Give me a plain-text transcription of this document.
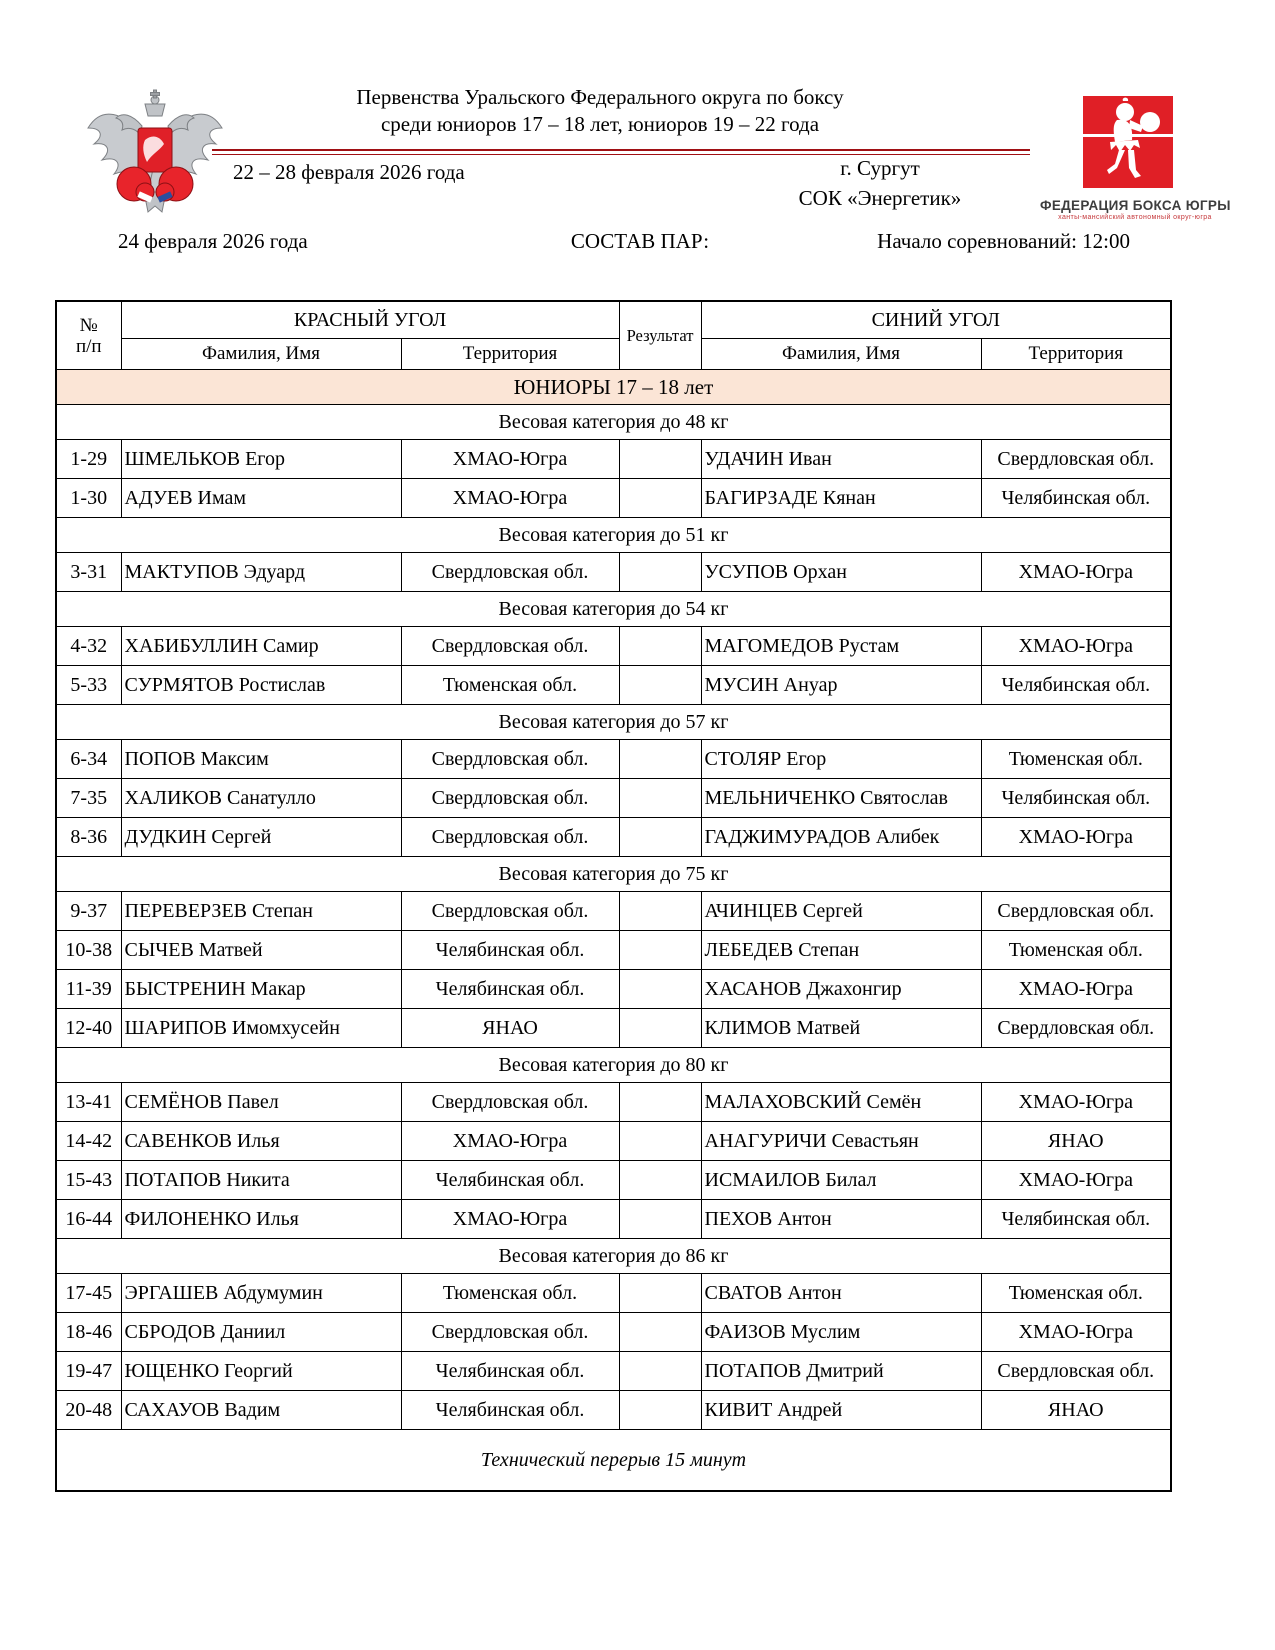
Первенства Уральского Федерального округа по боксу
среди юниоров 17 – 18 лет, юниоров 19 – 22 года
22 – 28 февраля 2026 года	г. Сургут
СОК «Энергетик»	ФЕДЕРАЦИЯ БОКСА ЮГРЫ
ханты-мансийский автономный округ-югра
24 февраля 2026 года	СОСТАВ ПАР:	Начало соревнований: 12:00
№
п/п	КРАСНЫЙ УГОЛ		Результат	СИНИЙ УГОЛ	
	Фамилия, Имя	Территория		Фамилия, Имя	Территория
ЮНИОРЫ 17 – 18 лет					
Весовая категория до 48 кг					
1-29	ШМЕЛЬКОВ Егор	ХМАО-Югра		УДАЧИН Иван	Свердловская обл.
1-30	АДУЕВ Имам	ХМАО-Югра		БАГИРЗАДЕ Кянан	Челябинская обл.
Весовая категория до 51 кг					
3-31	МАКТУПОВ Эдуард	Свердловская обл.		УСУПОВ Орхан	ХМАО-Югра
Весовая категория до 54 кг					
4-32	ХАБИБУЛЛИН Самир	Свердловская обл.		МАГОМЕДОВ Рустам	ХМАО-Югра
5-33	СУРМЯТОВ Ростислав	Тюменская обл.		МУСИН Ануар	Челябинская обл.
Весовая категория до 57 кг					
6-34	ПОПОВ Максим	Свердловская обл.		СТОЛЯР Егор	Тюменская обл.
7-35	ХАЛИКОВ Санатулло	Свердловская обл.		МЕЛЬНИЧЕНКО Святослав	Челябинская обл.
8-36	ДУДКИН Сергей	Свердловская обл.		ГАДЖИМУРАДОВ Алибек	ХМАО-Югра
Весовая категория до 75 кг					
9-37	ПЕРЕВЕРЗЕВ Степан	Свердловская обл.		АЧИНЦЕВ Сергей	Свердловская обл.
10-38	СЫЧЕВ Матвей	Челябинская обл.		ЛЕБЕДЕВ Степан	Тюменская обл.
11-39	БЫСТРЕНИН Макар	Челябинская обл.		ХАСАНОВ Джахонгир	ХМАО-Югра
12-40	ШАРИПОВ Имомхусейн	ЯНАО		КЛИМОВ Матвей	Свердловская обл.
Весовая категория до 80 кг					
13-41	СЕМЁНОВ Павел	Свердловская обл.		МАЛАХОВСКИЙ Семён	ХМАО-Югра
14-42	САВЕНКОВ Илья	ХМАО-Югра		АНАГУРИЧИ Севастьян	ЯНАО
15-43	ПОТАПОВ Никита	Челябинская обл.		ИСМАИЛОВ Билал	ХМАО-Югра
16-44	ФИЛОНЕНКО Илья	ХМАО-Югра		ПЕХОВ Антон	Челябинская обл.
Весовая категория до 86 кг					
17-45	ЭРГАШЕВ Абдумумин	Тюменская обл.		СВАТОВ Антон	Тюменская обл.
18-46	СБРОДОВ Даниил	Свердловская обл.		ФАИЗОВ Муслим	ХМАО-Югра
19-47	ЮЩЕНКО Георгий	Челябинская обл.		ПОТАПОВ Дмитрий	Свердловская обл.
20-48	САХАУОВ Вадим	Челябинская обл.		КИВИТ Андрей	ЯНАО
Технический перерыв 15 минут					
